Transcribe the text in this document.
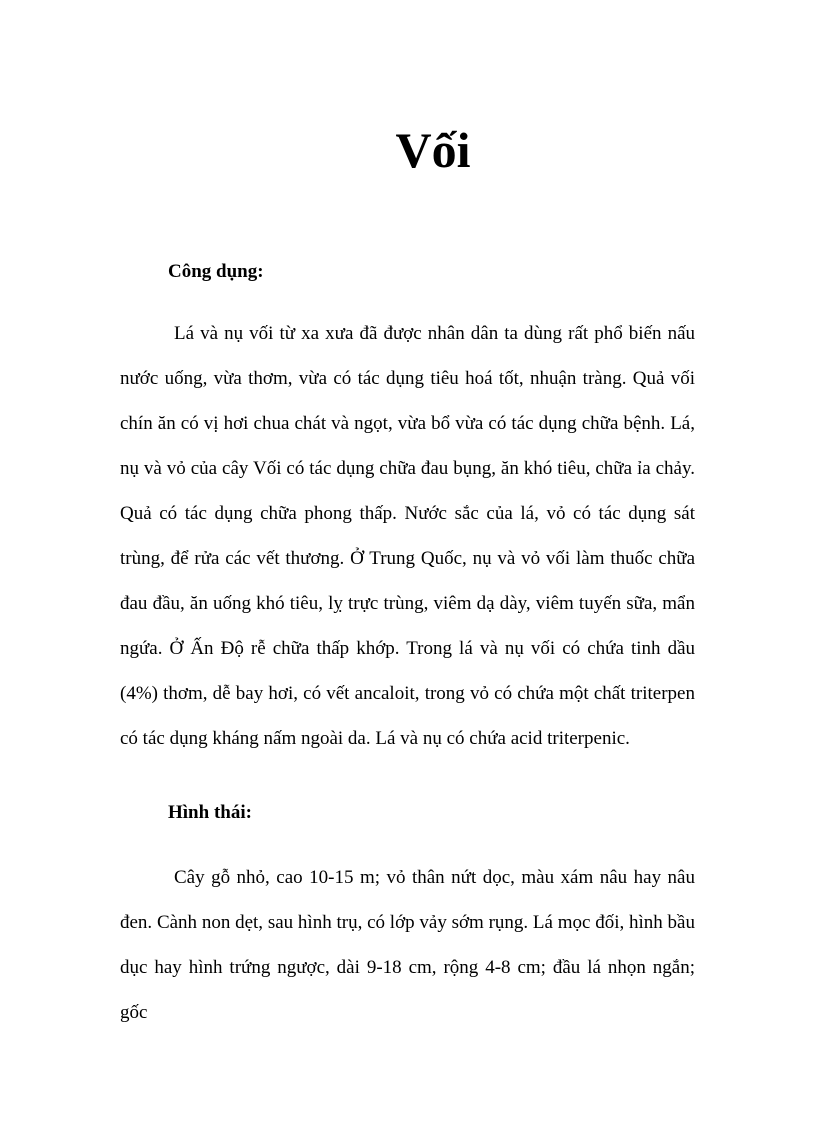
Vối
Công dụng:

Lá và nụ vối từ xa xưa đã được nhân dân ta dùng rất phổ biến nấu nước uống, vừa thơm, vừa có tác dụng tiêu hoá tốt, nhuận tràng. Quả vối chín ăn có vị hơi chua chát và ngọt, vừa bổ vừa có tác dụng chữa bệnh. Lá, nụ và vỏ của cây Vối có tác dụng chữa đau bụng, ăn khó tiêu, chữa ỉa chảy. Quả có tác dụng chữa phong thấp. Nước sắc của lá, vỏ có tác dụng sát trùng, để rửa các vết thương. Ở Trung Quốc, nụ và vỏ vối làm thuốc chữa đau đầu, ăn uống khó tiêu, lỵ trực trùng, viêm dạ dày, viêm tuyến sữa, mẩn ngứa. Ở Ấn Độ rễ chữa thấp khớp. Trong lá và nụ vối có chứa tinh dầu (4%) thơm, dễ bay hơi, có vết ancaloit, trong vỏ có chứa một chất triterpen có tác dụng kháng nấm ngoài da. Lá và nụ có chứa acid triterpenic.

Hình thái:

Cây gỗ nhỏ, cao 10-15 m; vỏ thân nứt dọc, màu xám nâu hay nâu đen. Cành non dẹt, sau hình trụ, có lớp vảy sớm rụng. Lá mọc đối, hình bầu dục hay hình trứng ngược, dài 9-18 cm, rộng 4-8 cm; đầu lá nhọn ngắn; gốc
